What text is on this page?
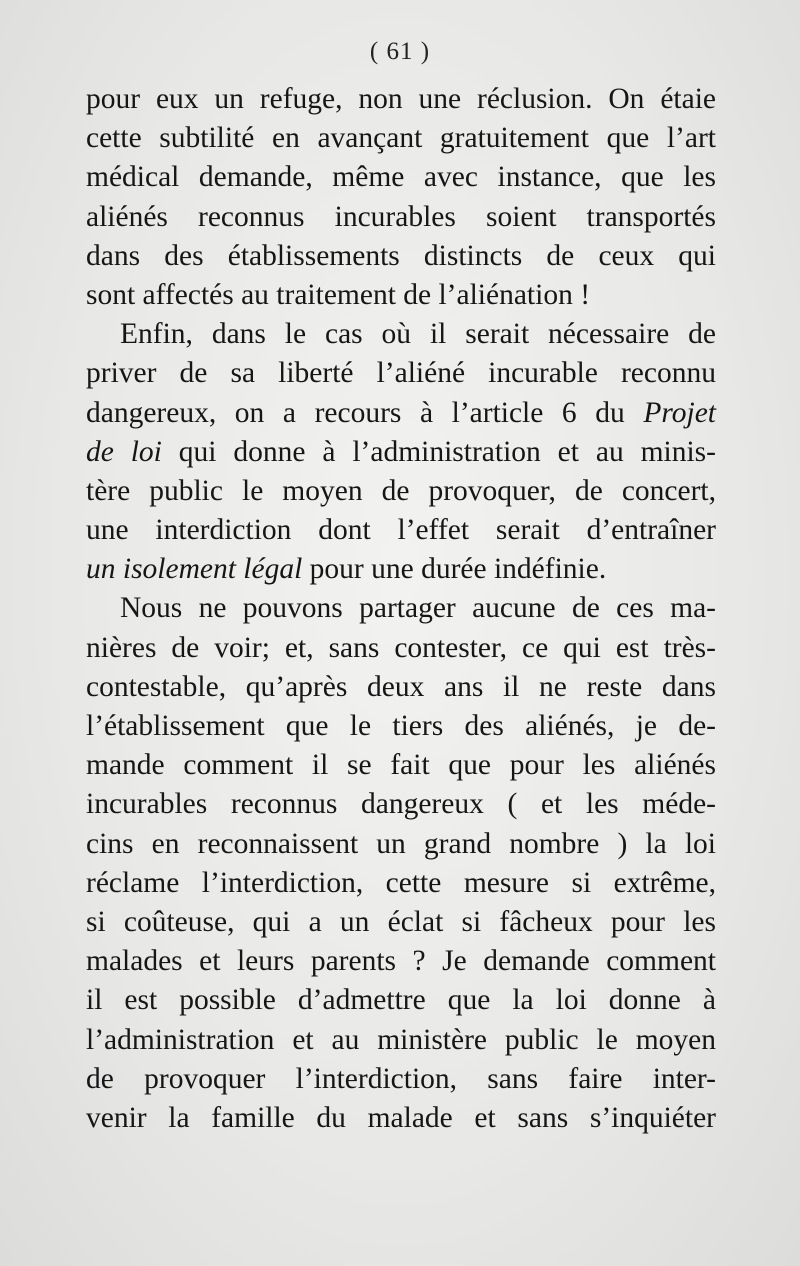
( 61 )
pour eux un refuge, non une réclusion. On étaie
cette subtilité en avançant gratuitement que l’art
médical demande, même avec instance, que les
aliénés reconnus incurables soient transportés
dans des établissements distincts de ceux qui
sont affectés au traitement de l’aliénation !
Enfin, dans le cas où il serait nécessaire de
priver de sa liberté l’aliéné incurable reconnu
dangereux, on a recours à l’article 6 du Projet
de loi qui donne à l’administration et au minis-
tère public le moyen de provoquer, de concert,
une interdiction dont l’effet serait d’entraîner
un isolement légal pour une durée indéfinie.
Nous ne pouvons partager aucune de ces ma-
nières de voir; et, sans contester, ce qui est très-
contestable, qu’après deux ans il ne reste dans
l’établissement que le tiers des aliénés, je de-
mande comment il se fait que pour les aliénés
incurables reconnus dangereux ( et les méde-
cins en reconnaissent un grand nombre ) la loi
réclame l’interdiction, cette mesure si extrême,
si coûteuse, qui a un éclat si fâcheux pour les
malades et leurs parents ? Je demande comment
il est possible d’admettre que la loi donne à
l’administration et au ministère public le moyen
de provoquer l’interdiction, sans faire inter-
venir la famille du malade et sans s’inquiéter
